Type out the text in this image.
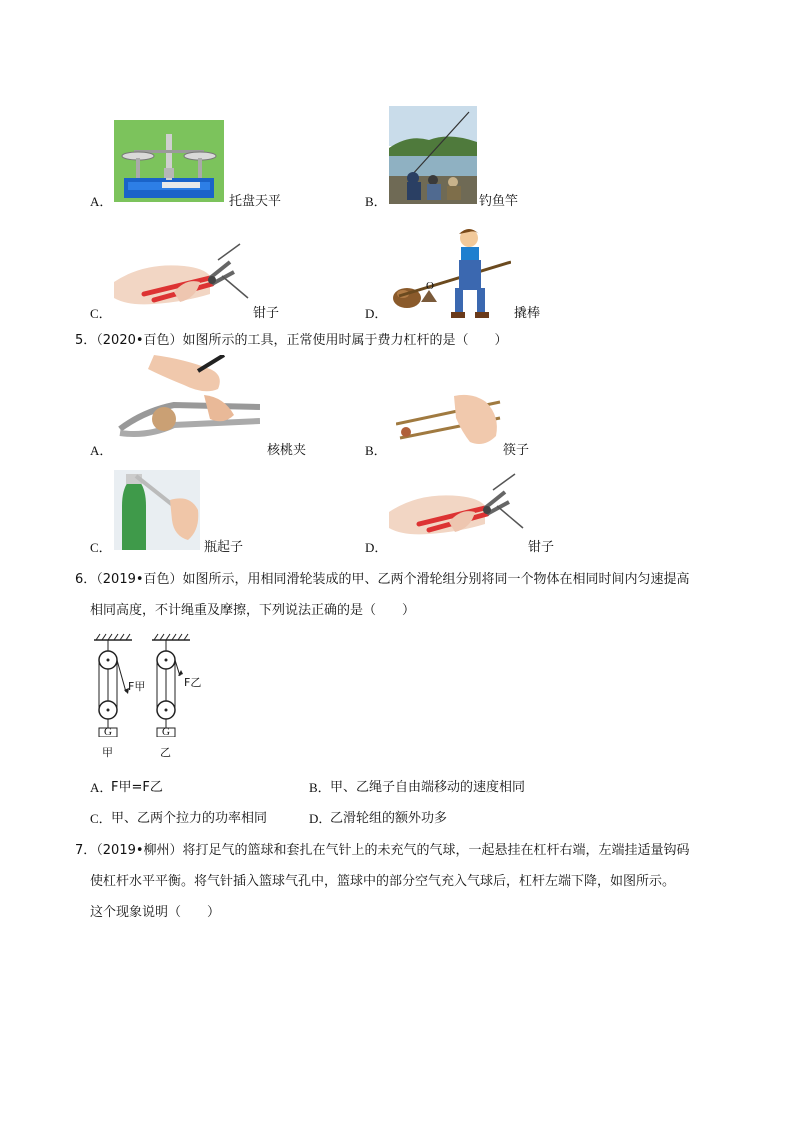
A．	托盘天平	B．	钓鱼竿
C．	钳子
O
D．	撬棒
5．（2020•百色）如图所示的工具，正常使用时属于费力杠杆的是（　　）
A．	核桃夹	B．	筷子
C．	瓶起子	D．	钳子
6．（2019•百色）如图所示，用相同滑轮装成的甲、乙两个滑轮组分别将同一个物体在相同时间内匀速提高
相同高度，不计绳重及摩擦，下列说法正确的是（　　）
F甲	F乙
G	G
甲	乙
A．
F甲=F乙	B． 甲、乙绳子自由端移动的速度相同
C． 甲、乙两个拉力的功率相同	D．
乙滑轮组的额外功多
7．（2019•柳州）将打足气的篮球和套扎在气针上的未充气的气球，一起悬挂在杠杆右端，左端挂适量钩码
使杠杆水平平衡。将气针插入篮球气孔中，篮球中的部分空气充入气球后，杠杆左端下降，如图所示。
这个现象说明（　　）
